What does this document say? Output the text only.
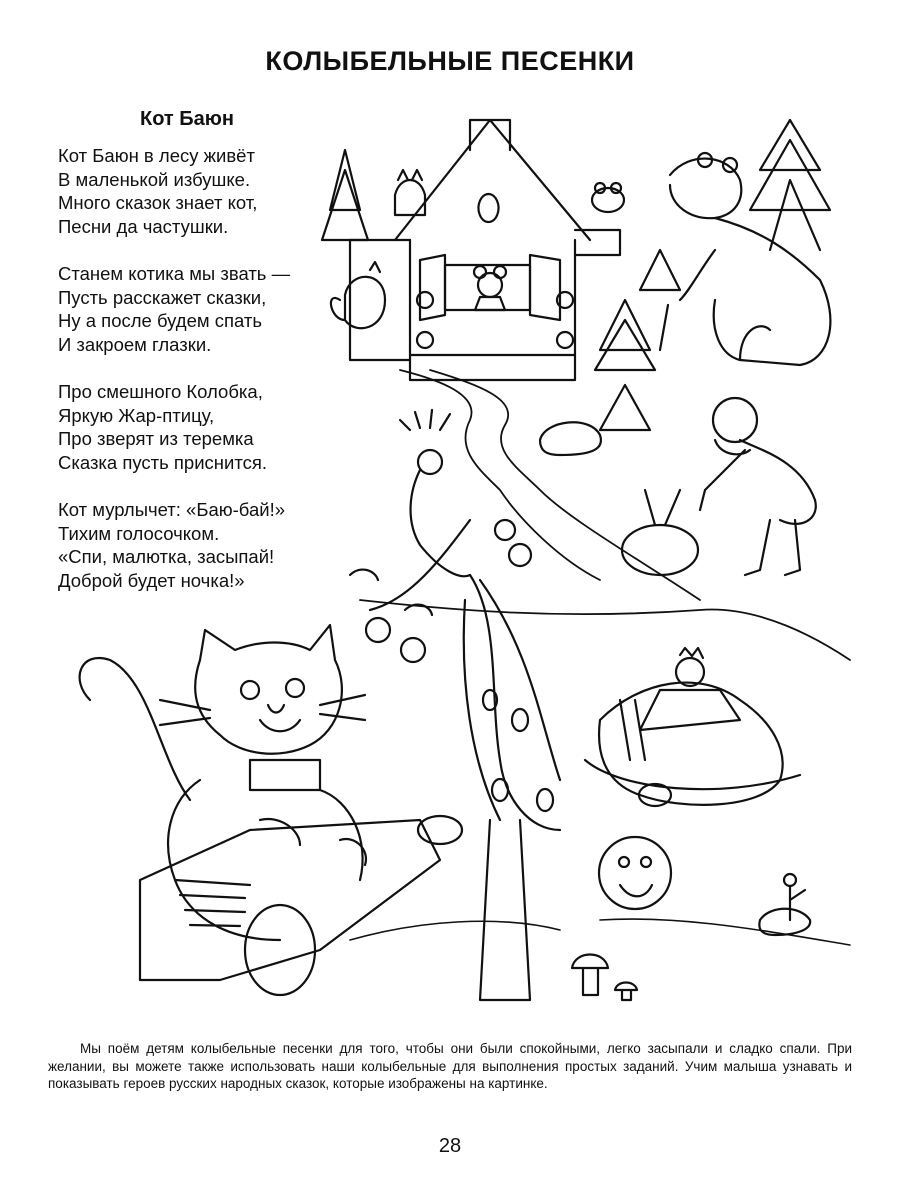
КОЛЫБЕЛЬНЫЕ ПЕСЕНКИ
Кот Баюн
Кот Баюн в лесу живёт
В маленькой избушке.
Много сказок знает кот,
Песни да частушки.
Станем котика мы звать —
Пусть расскажет сказки,
Ну а после будем спать
И закроем глазки.
Про смешного Колобка,
Яркую Жар-птицу,
Про зверят из теремка
Сказка пусть приснится.
Кот мурлычет: «Баю-бай!»
Тихим голосочком.
«Спи, малютка, засыпай!
Доброй будет ночка!»
Мы поём детям колыбельные песенки для того, чтобы они были спокойными, легко засыпали и сладко спали. При желании, вы можете также использовать наши колыбельные для выполнения простых заданий. Учим малыша узнавать и показывать героев русских народных сказок, которые изображены на картинке.
28
